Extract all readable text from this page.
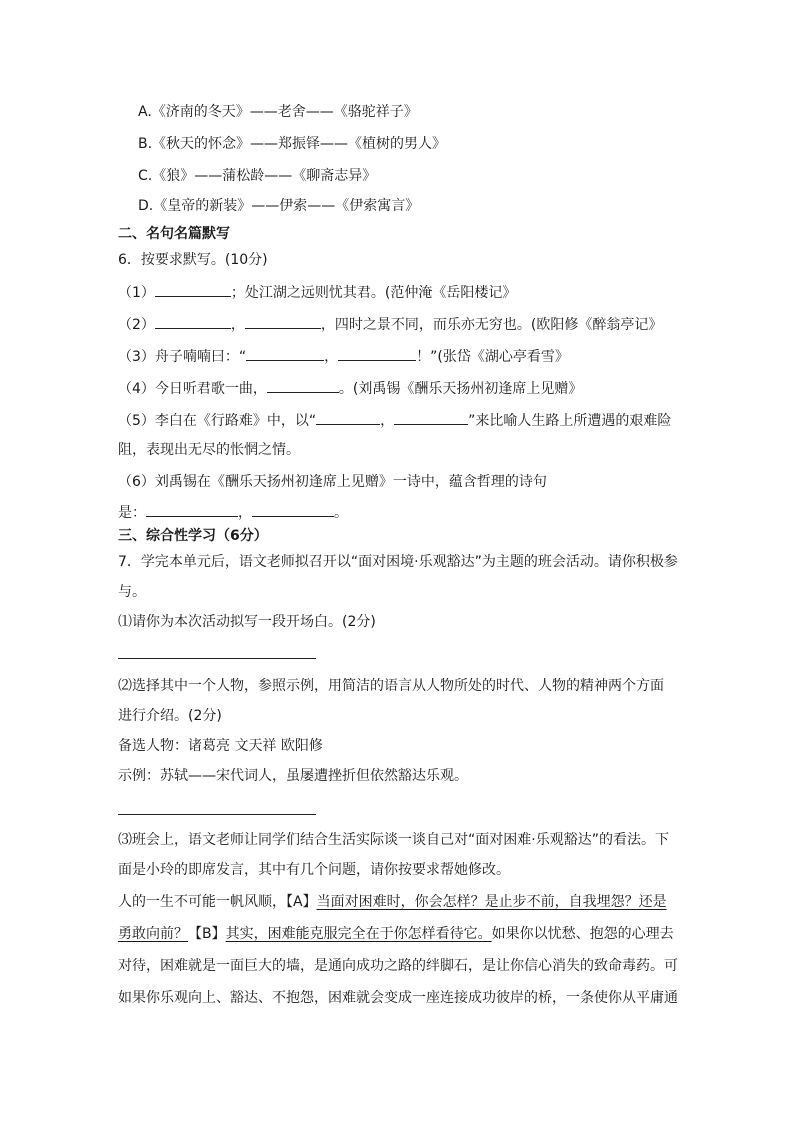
A.《济南的冬天》——老舍——《骆驼祥子》
B.《秋天的怀念》——郑振铎——《植树的男人》
C.《狼》——蒲松龄——《聊斋志异》
D.《皇帝的新装》——伊索——《伊索寓言》
二、名句名篇默写
6．按要求默写。(10分)
（1）	；处江湖之远则忧其君。(范仲淹《岳阳楼记》
（2）	，	，四时之景不同，而乐亦无穷也。(欧阳修《醉翁亭记》
（3）舟子喃喃曰：“	，	！”(张岱《湖心亭看雪》
（4）今日听君歌一曲，	。(刘禹锡《酬乐天扬州初逢席上见赠》
（5）李白在《行路难》中，以“	，	”来比喻人生路上所遭遇的艰难险
阻，表现出无尽的怅惘之情。
（6）刘禹锡在《酬乐天扬州初逢席上见赠》一诗中，蕴含哲理的诗句
是：	，	。
三、综合性学习（6分）
7．学完本单元后，语文老师拟召开以“面对困境·乐观豁达”为主题的班会活动。请你积极参
与。
⑴请你为本次活动拟写一段开场白。(2分)
⑵选择其中一个人物，参照示例，用简洁的语言从人物所处的时代、人物的精神两个方面
进行介绍。(2分)
备选人物：诸葛亮 文天祥 欧阳修
示例：苏轼——宋代词人，虽屡遭挫折但依然豁达乐观。
⑶班会上，语文老师让同学们结合生活实际谈一谈自己对“面对困难·乐观豁达”的看法。下
面是小玲的即席发言，其中有几个问题，请你按要求帮她修改。
人的一生不可能一帆风顺，【A】当面对困难时，你会怎样？是止步不前，自我埋怨？还是
勇敢向前？【B】其实，困难能克服完全在于你怎样看待它。如果你以忧愁、抱怨的心理去
对待，困难就是一面巨大的墙，是通向成功之路的绊脚石，是让你信心消失的致命毒药。可
如果你乐观向上、豁达、不抱怨，困难就会变成一座连接成功彼岸的桥，一条使你从平庸通
